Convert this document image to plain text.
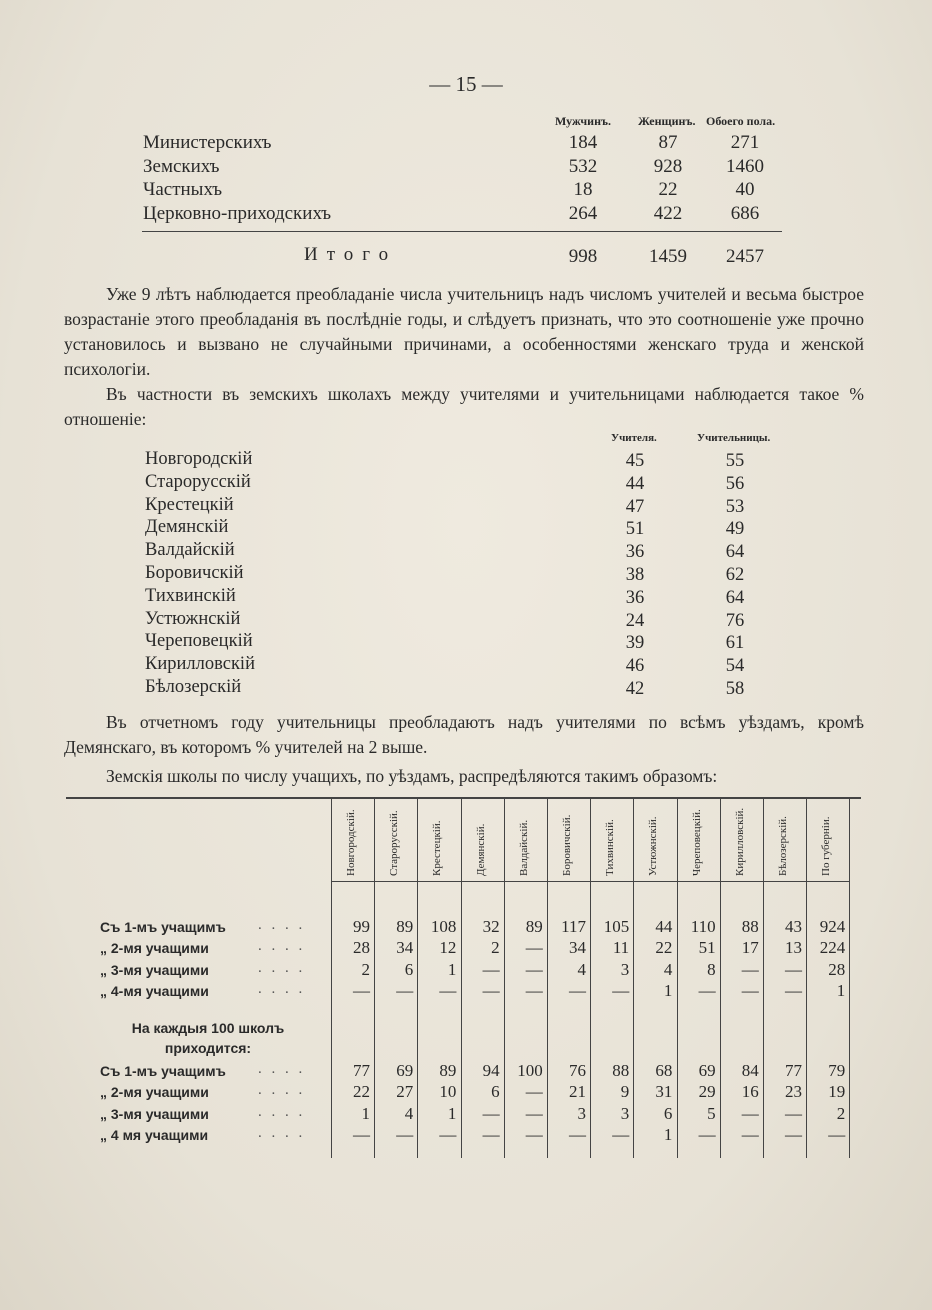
— 15 —
Мужчинъ. Женщинъ. Обоего пола.
Министерскихъ	184	87	271
Земскихъ	532	928	1460
Частныхъ	18	22	40
Церковно-приходскихъ	264	422	686
Итого	998	1459	2457
Уже 9 лѣтъ наблюдается преобладаніе числа учительницъ надъ числомъ учителей и весьма быстрое возрастаніе этого преобладанія въ послѣдніе годы, и слѣдуетъ признать, что это соотношеніе уже прочно установилось и вызвано не случайными причинами, а особенностями женскаго труда и женской психологіи.
Въ частности въ земскихъ школахъ между учителями и учительницами наблюдается такое % отношеніе:
Учителя.	Учительницы.
Новгородскій	45	55
Старорусскій	44	56
Крестецкій	47	53
Демянскій	51	49
Валдайскій	36	64
Боровичскій	38	62
Тихвинскій	36	64
Устюжнскій	24	76
Череповецкій	39	61
Кирилловскій	46	54
Бѣлозерскій	42	58
Въ отчетномъ году учительницы преобладаютъ надъ учителями по всѣмъ уѣздамъ, кромѣ Демянскаго, въ которомъ % учителей на 2 выше.
Земскія школы по числу учащихъ, по уѣздамъ, распредѣляются такимъ образомъ:
Новгородскій.	Старорусскій.	Крестецкій.	Демянскій.	Валдайскій.	Боровичскій.	Тихвинскій.	Устюжнскій.	Череповецкій.	Кирилловскій.	Бѣлозерскій.	По губерніи.
Съ 1-мъ учащимъ . . . .	99	89	108	32	89	117	105	44	110	88	43	924
„ 2-мя учащими	. . . .	28	34	12	2	—	34	11	22	51	17	13	224
„ 3-мя учащими	. . . .	2	6	1	—	—	4	3	4	8	—	—	28
„ 4-мя учащими	. . . .	—	—	—	—	—	—	—	1	—	—	—	1
На каждыя 100 школъ приходится:
Съ 1-мъ учащимъ . . . .	77	69	89	94	100	76	88	68	69	84	77	79
„ 2-мя учащими	. . . .	22	27	10	6	—	21	9	31	29	16	23	19
„ 3-мя учащими	. . . .	1	4	1	—	—	3	3	6	5	—	—	2
„ 4 мя учащими	. . . .	—	—	—	—	—	—	—	1	—	—	—	—
